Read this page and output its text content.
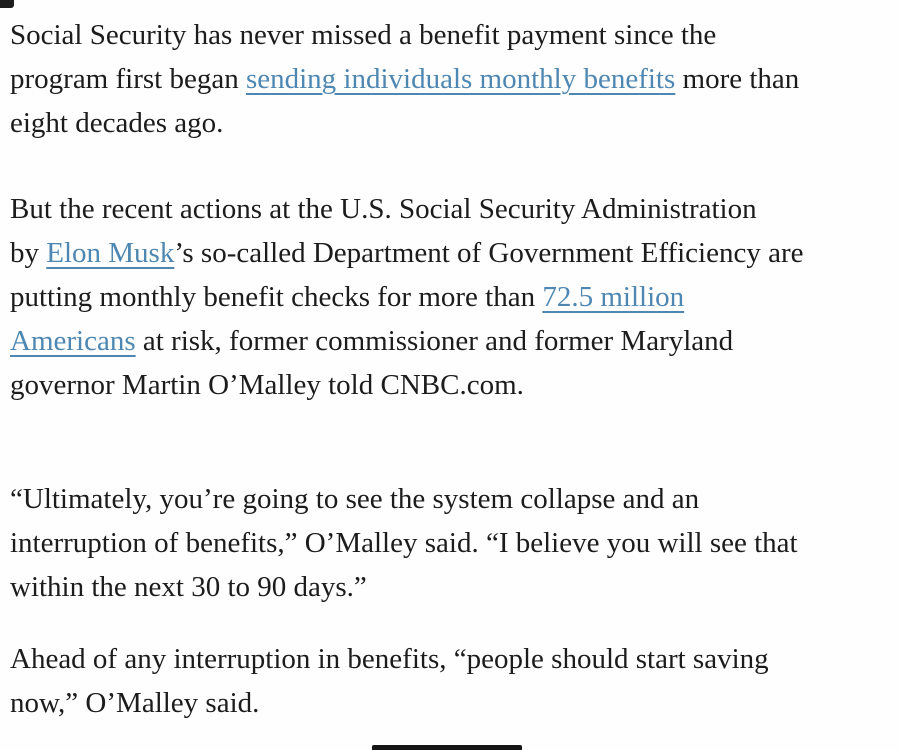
Social Security has never missed a benefit payment since the
program first began sending individuals monthly benefits more than
eight decades ago.
But the recent actions at the U.S. Social Security Administration
by Elon Musk’s so-called Department of Government Efficiency are
putting monthly benefit checks for more than 72.5 million
Americans at risk, former commissioner and former Maryland
governor Martin O’Malley told CNBC.com.
“Ultimately, you’re going to see the system collapse and an
interruption of benefits,” O’Malley said. “I believe you will see that
within the next 30 to 90 days.”
Ahead of any interruption in benefits, “people should start saving
now,” O’Malley said.
